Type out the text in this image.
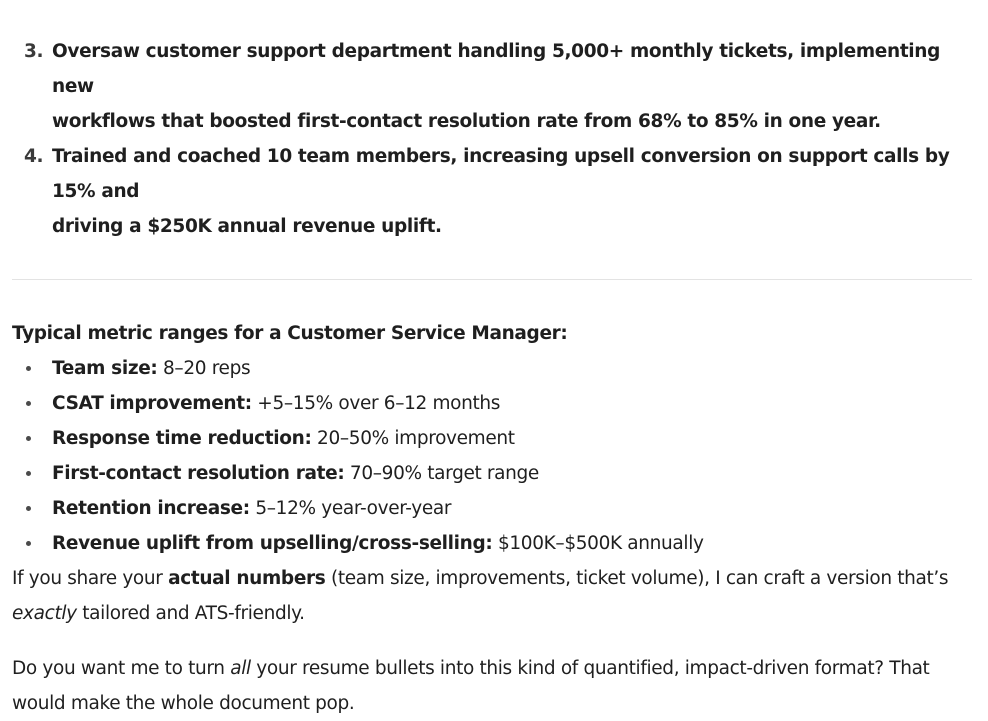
3. Oversaw customer support department handling 5,000+ monthly tickets, implementing new
workflows that boosted first-contact resolution rate from 68% to 85% in one year.
4. Trained and coached 10 team members, increasing upsell conversion on support calls by 15% and
driving a $250K annual revenue uplift.
Typical metric ranges for a Customer Service Manager:
Team size: 8–20 reps
CSAT improvement: +5–15% over 6–12 months
Response time reduction: 20–50% improvement
First-contact resolution rate: 70–90% target range
Retention increase: 5–12% year-over-year
Revenue uplift from upselling/cross-selling: $100K–$500K annually

If you share your actual numbers (team size, improvements, ticket volume), I can craft a version that’s
exactly tailored and ATS-friendly.

Do you want me to turn all your resume bullets into this kind of quantified, impact-driven format? That
would make the whole document pop.
